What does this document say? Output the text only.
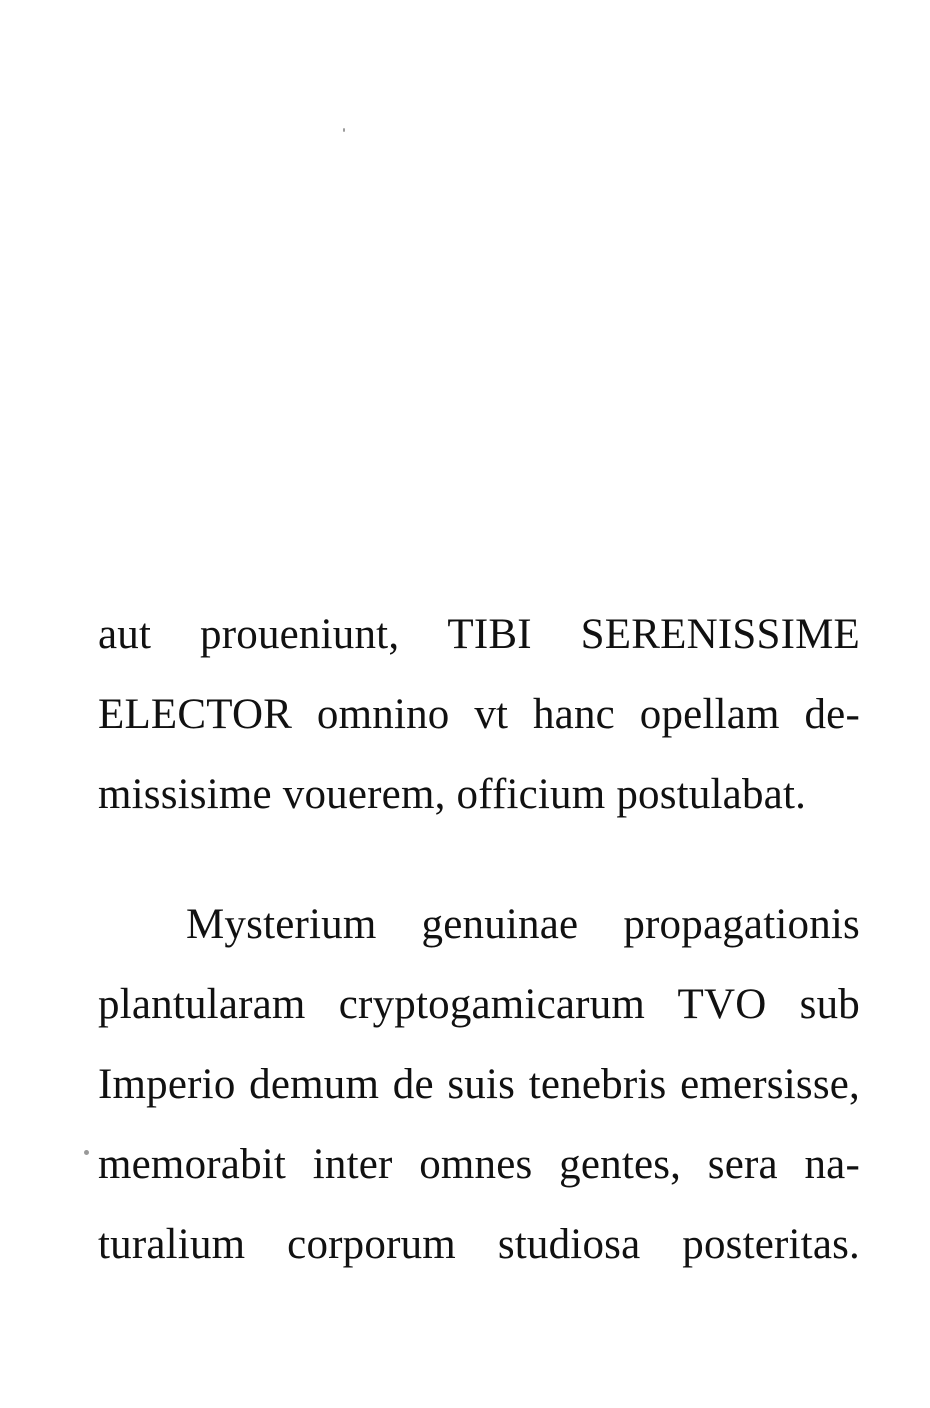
aut proueniunt, TIBI SERENISSIME
ELECTOR omnino vt hanc opellam de-
missisime vouerem, officium postulabat.
Mysterium genuinae propagationis
plantularam cryptogamicarum TVO sub
Imperio demum de suis tenebris emersisse,
memorabit inter omnes gentes, sera na-
turalium corporum studiosa posteritas.
